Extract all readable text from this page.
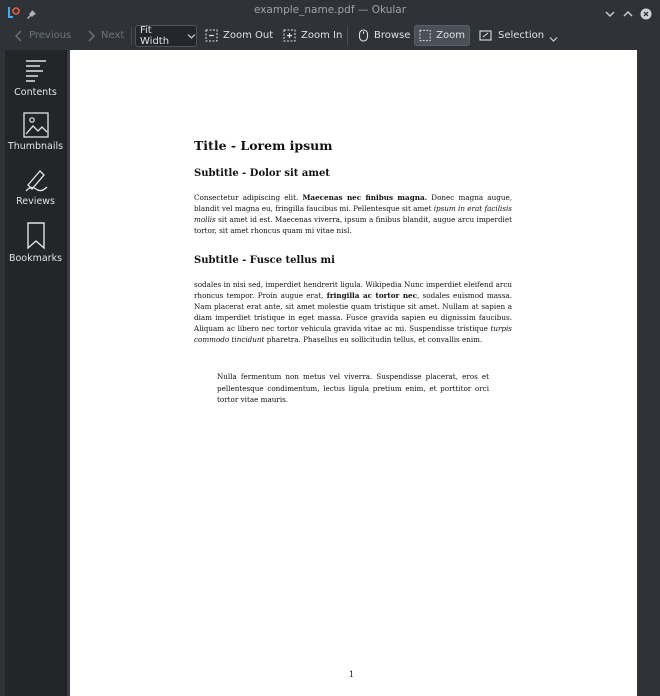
example_name.pdf — Okular
Previous	Next Fit Width
Zoom Out	Zoom In	Browse	Zoom	Selection
Contents
Thumbnails
Reviews
Bookmarks
Title - Lorem ipsum
Subtitle - Dolor sit amet
Consectetur adipiscing elit. Maecenas nec finibus magna. Donec magna augue, blandit vel magna eu, fringilla faucibus mi. Pellentesque sit amet ipsum in erat facilisis mollis sit amet id est. Maecenas viverra, ipsum a finibus blandit, augue arcu imperdiet tortor, sit amet rhoncus quam mi vitae nisl.
Subtitle - Fusce tellus mi
sodales in nisi sed, imperdiet hendrerit ligula. Wikipedia Nunc imperdiet eleifend arcu rhoncus tempor. Proin augue erat, fringilla ac tortor nec, sodales euismod massa. Nam placerat erat ante, sit amet molestie quam tristique sit amet. Nullam at sapien a diam imperdiet tristique in eget massa. Fusce gravida sapien eu dignissim faucibus. Aliquam ac libero nec tortor vehicula gravida vitae ac mi. Suspendisse tristique turpis commodo tincidunt pharetra. Phasellus eu sollicitudin tellus, et convallis enim.
Nulla fermentum non metus vel viverra. Suspendisse placerat, eros et pellentesque condimentum, lectus ligula pretium enim, et porttitor orci tortor vitae mauris.
1
